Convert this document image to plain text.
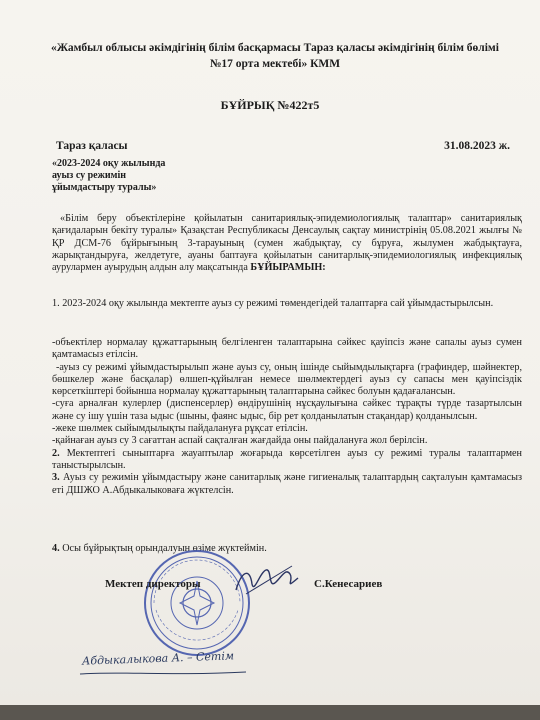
«Жамбыл облысы әкімдігінің білім басқармасы Тараз қаласы әкімдігінің білім бөлімі
№17 орта мектебі» КММ
БҰЙРЫҚ №422т5
Тараз қаласы	31.08.2023 ж.
«2023-2024 оқу жылында
ауыз су режимін
ұйымдастыру туралы»
«Білім беру объектілеріне қойылатын санитариялық-эпидемиологиялық талаптар» санитариялық қағидаларын бекіту туралы» Қазақстан Республикасы Денсаулық сақтау министрінің 05.08.2021 жылғы № ҚР ДСМ-76 бұйрығының 3-тарауының (сумен жабдықтау, су бұруға, жылумен жабдықтауға, жарықтандыруға, желдетуге, ауаны баптауға қойылатын санитарлық-эпидемиологиялық инфекциялық аурулармен ауырудың алдын алу мақсатында БҰЙЫРАМЫН:
1. 2023-2024 оқу жылында мектепте ауыз су режимі төмендегідей талаптарға сай ұйымдастырылсын.

-объектілер нормалау құжаттарының белгіленген талаптарына сәйкес қауіпсіз және сапалы ауыз сумен қамтамасыз етілсін.

-ауыз су режимі ұйымдастырылып және ауыз су, оның ішінде сыйымдылықтарға (графиндер, шәйнектер, бөшкелер және басқалар) өлшеп-құйылған немесе шөлмектердегі ауыз су сапасы мен қауіпсіздік көрсеткіштері бойынша нормалау құжаттарының талаптарына сәйкес болуын қадағалансын.

-суға арналған кулерлер (диспенсерлер) өндірушінің нұсқаулығына сәйкес тұрақты түрде тазартылсын және су ішу үшін таза ыдыс (шыны, фаянс ыдыс, бір рет қолданылатын стақандар) қолданылсын.

-жеке шөлмек сыйымдылықты пайдалануға рұқсат етілсін.

-қайнаған ауыз су 3 сағаттан аспай сақталған жағдайда оны пайдалануға жол берілсін.

2. Мектептегі сыныптарға жауаптылар жоғарыда көрсетілген ауыз су режимі туралы талаптармен таныстырылсын.

3. Ауыз су режимін ұйымдастыру және санитарлық және гигиеналық талаптардың сақталуын қамтамасыз еті ДШЖО А.Абдыкалыковаға жүктелсін.

4. Осы бұйрықтың орындалуын өзіме жүктеймін.
Мектеп директоры	С.Кенесариев
Абдыкалыкова А. – Сетім
